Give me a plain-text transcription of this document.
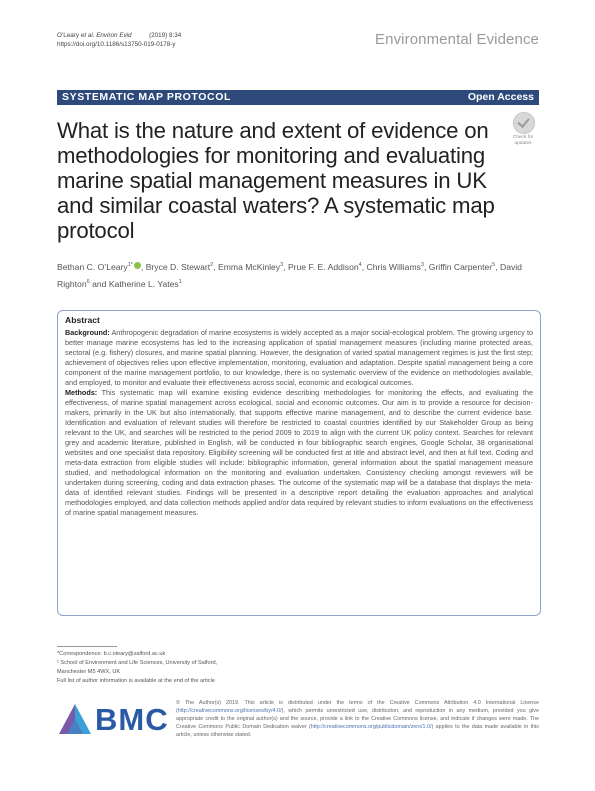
O’Leary et al. Environ Evid          (2019) 8:34
https://doi.org/10.1186/s13750-019-0178-y	Environmental Evidence
SYSTEMATIC MAP PROTOCOL	Open Access
What is the nature and extent of evidence on methodologies for monitoring and evaluating marine spatial management measures in UK and similar coastal waters? A systematic map protocol
Check for
updates
Bethan C. O’Leary$^{1*}$ , Bryce D. Stewart$^2$, Emma McKinley$^3$, Prue F. E. Addison$^4$, Chris Williams$^3$, Griffin Carpenter$^5$, David Righton$^6$ and Katherine L. Yates$^1$
Abstract

Background: Anthropogenic degradation of marine ecosystems is widely accepted as a major social-ecological problem. The growing urgency to better manage marine ecosystems has led to the increasing application of spatial management measures (including marine protected areas, sectoral (e.g. fishery) closures, and marine spatial planning. However, the designation of varied spatial management regimes is just the first step; achievement of objectives relies upon effective implementation, monitoring, evaluation and adaptation. Despite spatial management being a core component of the marine management portfolio, to our knowledge, there is no systematic overview of the evidence on methodologies available, and employed, to monitor and evaluate their effectiveness across social, economic and ecological outcomes.

Methods: This systematic map will examine existing evidence describing methodologies for monitoring the effects, and evaluating the effectiveness, of marine spatial management across ecological, social and economic outcomes. Our aim is to provide a resource for decision-makers, primarily in the UK but also internationally, that supports effective marine management, and to describe the current evidence base. Identification and evaluation of relevant studies will therefore be restricted to coastal countries identified by our Stakeholder Group as being relevant to the UK, and searches will be restricted to the period 2009 to 2019 to align with the current UK policy context. Searches for relevant grey and academic literature, published in English, will be conducted in four bibliographic search engines, Google Scholar, 38 organisational websites and one specialist data repository. Eligibility screening will be conducted first at title and abstract level, and then at full text. Coding and meta-data extraction from eligible studies will include: bibliographic information, general information about the spatial management measure studied, and methodological information on the monitoring and evaluation undertaken. Consistency checking amongst reviewers will be undertaken during screening, coding and data extraction phases. The outcome of the systematic map will be a database that displays the meta-data of identified relevant studies. Findings will be presented in a descriptive report detailing the evaluation approaches and analytical methodologies employed, and data collection methods applied and/or data required by relevant studies to inform evaluations on the effectiveness of marine spatial management measures.

*Correspondence: b.c.oleary@salford.ac.uk
¹ School of Environment and Life Sciences, University of Salford,
Manchester M5 4WX, UK
Full list of author information is available at the end of the article
BMC © The Author(s) 2019. This article is distributed under the terms of the Creative Commons Attribution 4.0 International License (http://creativecommons.org/licenses/by/4.0/), which permits unrestricted use, distribution, and reproduction in any medium, provided you give appropriate credit to the original author(s) and the source, provide a link to the Creative Commons license, and indicate if changes were made. The Creative Commons Public Domain Dedication waiver (http://creativecommons.org/publicdomain/zero/1.0/) applies to the data made available in this article, unless otherwise stated.
